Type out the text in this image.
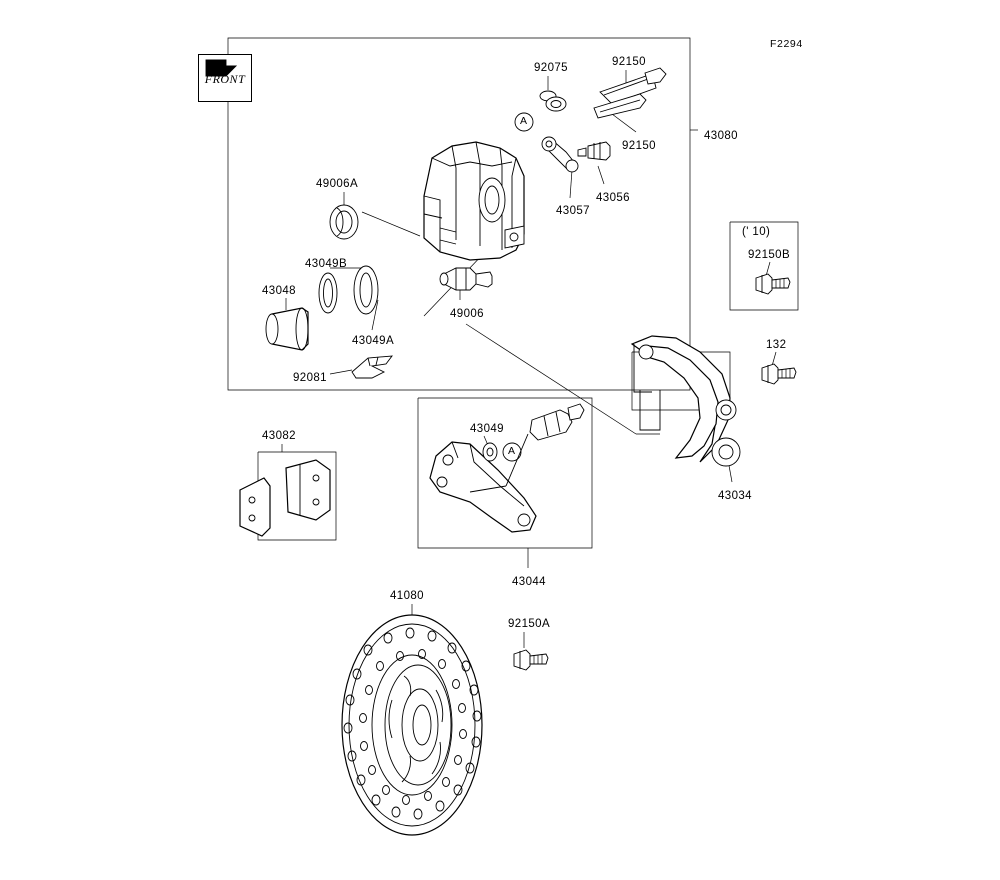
FRONT
F2294
(' 10)
92075	92150
92150
43080
43056
43057
49006A
43049B
43048
43049A
49006
92081
92150B
132
43034
43082
43049
43044
41080
92150A
A
A
